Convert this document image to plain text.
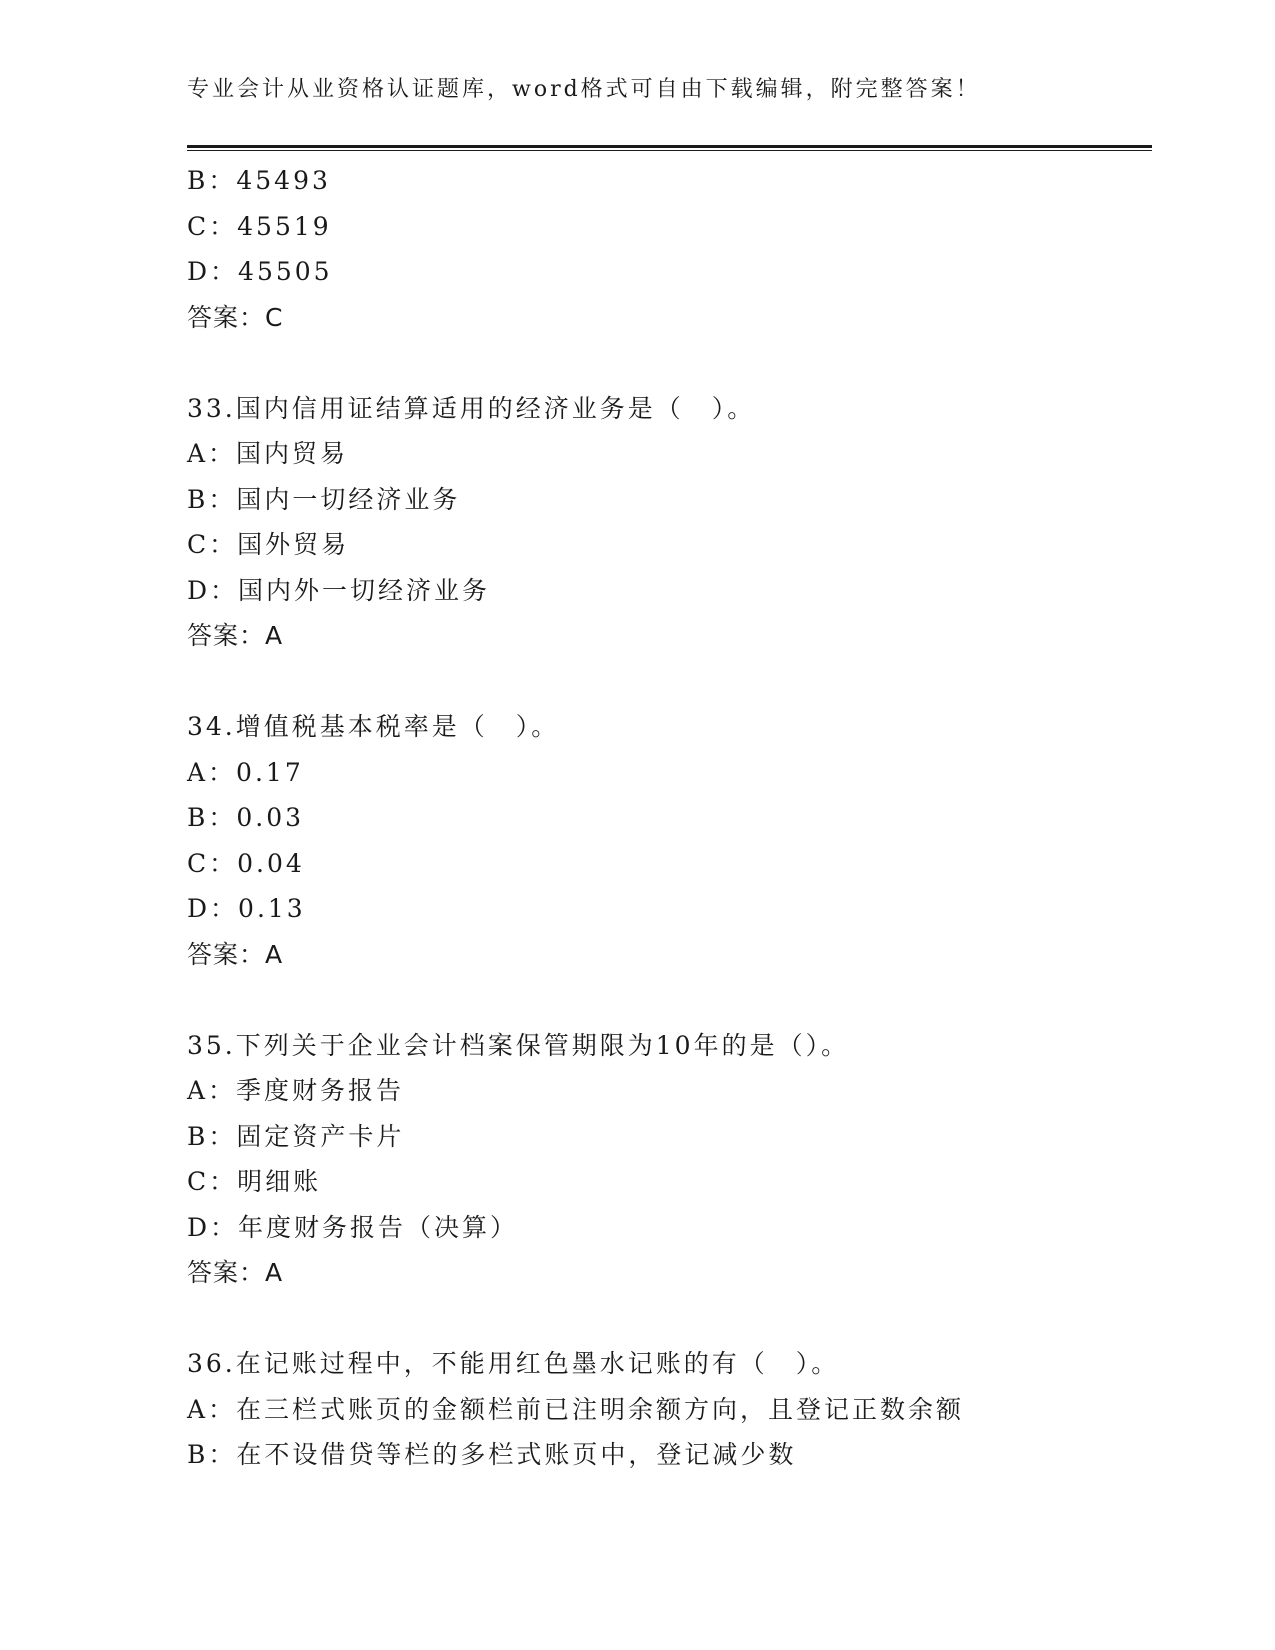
专业会计从业资格认证题库，word格式可自由下载编辑，附完整答案！
B：45493
C：45519
D：45505
答案：C
33.国内信用证结算适用的经济业务是（　）。
A：国内贸易
B：国内一切经济业务
C：国外贸易
D：国内外一切经济业务
答案：A
34.增值税基本税率是（　）。
A：0.17
B：0.03
C：0.04
D：0.13
答案：A
35.下列关于企业会计档案保管期限为10年的是（）。
A：季度财务报告
B：固定资产卡片
C：明细账
D：年度财务报告（决算）
答案：A
36.在记账过程中，不能用红色墨水记账的有（　）。
A：在三栏式账页的金额栏前已注明余额方向，且登记正数余额
B：在不设借贷等栏的多栏式账页中，登记减少数
